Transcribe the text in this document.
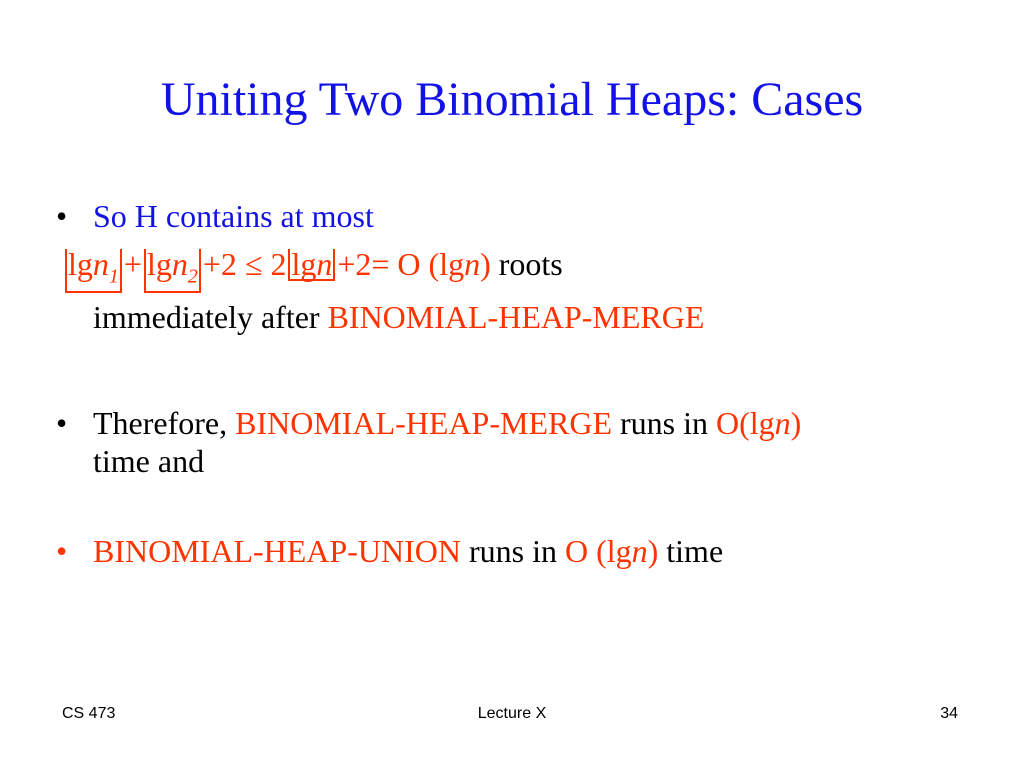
Uniting Two Binomial Heaps: Cases
• So H contains at most
lgn$_1$ + lgn$_2$ +2 ≤ 2 lgn +2= O (lgn) roots
immediately after BINOMIAL-HEAP-MERGE
• Therefore, BINOMIAL-HEAP-MERGE runs in O(lgn)
time and
• BINOMIAL-HEAP-UNION runs in O (lgn) time
CS 473	Lecture X	34
